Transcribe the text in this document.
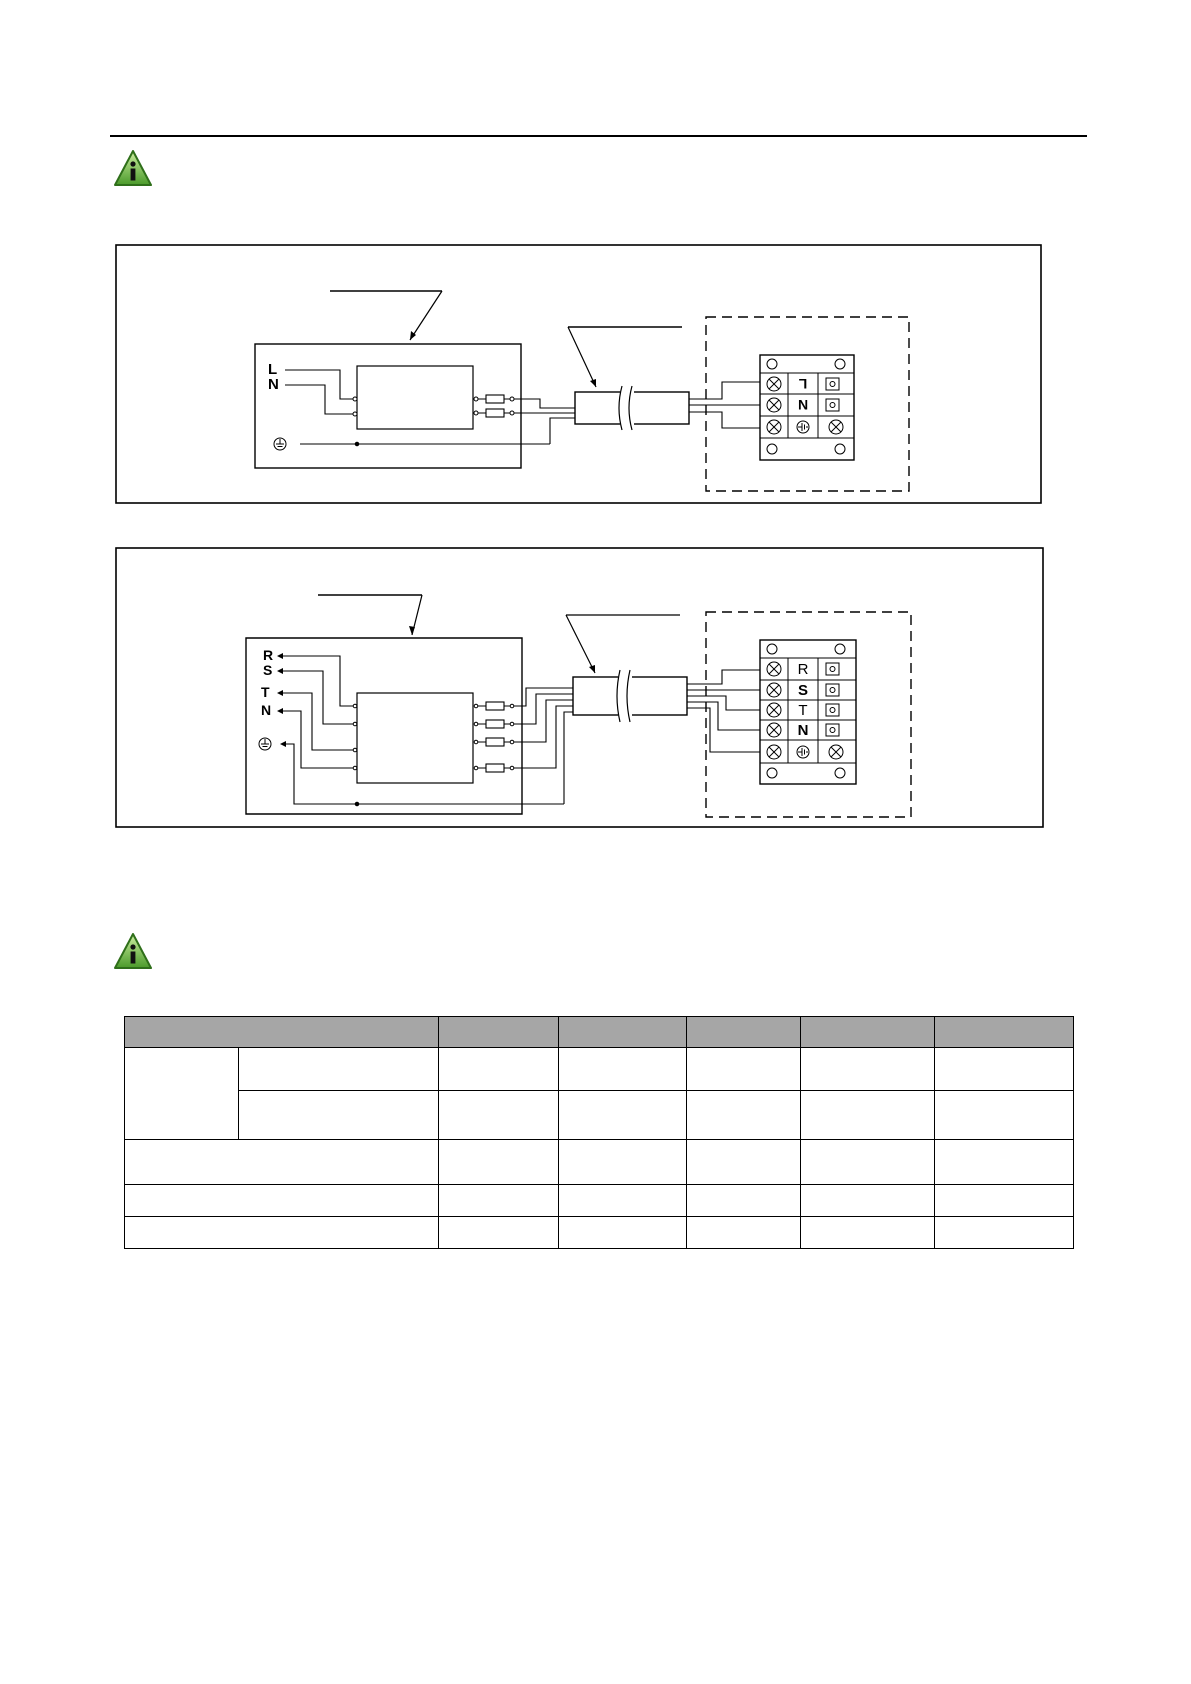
L
N	L
N
R
S
T
N
R
S
T
N
